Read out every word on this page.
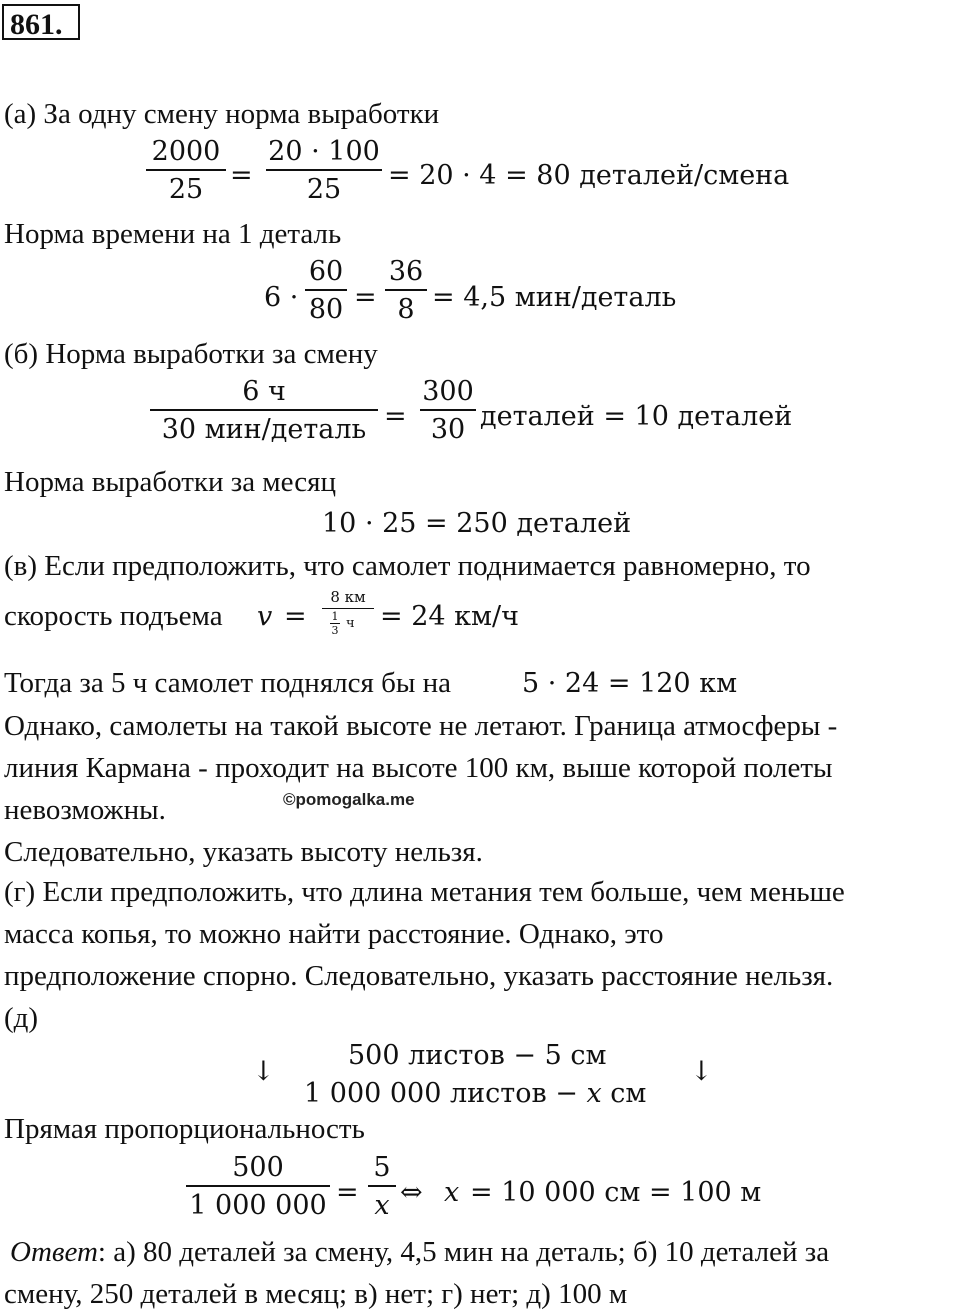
861.
(а) За одну смену норма выработки
2000
25 =
20 · 100
25	= 20 · 4 = 80 деталей/смена
Норма времени на 1 деталь
6 ·
60
80 =
36
8 = 4,5 мин/деталь
(б) Норма выработки за смену
6 ч
30 мин/деталь =
300
30 деталей = 10 деталей
Норма выработки за месяц
10 · 25 = 250 деталей
(в) Если предположить, что самолет поднимается равномерно, то
скорость подъема v =
8 км
1
3 ч = 24 км/ч
Тогда за 5 ч самолет поднялся бы на	5 · 24 = 120 км
Однако, самолеты на такой высоте не летают. Граница атмосферы -
линия Кармана - проходит на высоте 100 км, выше которой полеты
невозможны.	©pomogalka.me
Следовательно, указать высоту нельзя.
(г) Если предположить, что длина метания тем больше, чем меньше
масса копья, то можно найти расстояние. Однако, это
предположение спорно. Следовательно, указать расстояние нельзя.
(д)
↓
500 листов − 5 см
↓
1 000 000 листов − x см
Прямая пропорциональность
500
1 000 000 =
5
x ⇔ x = 10 000 см = 100 м
Ответ: а) 80 деталей за смену, 4,5 мин на деталь; б) 10 деталей за
смену, 250 деталей в месяц; в) нет; г) нет; д) 100 м
